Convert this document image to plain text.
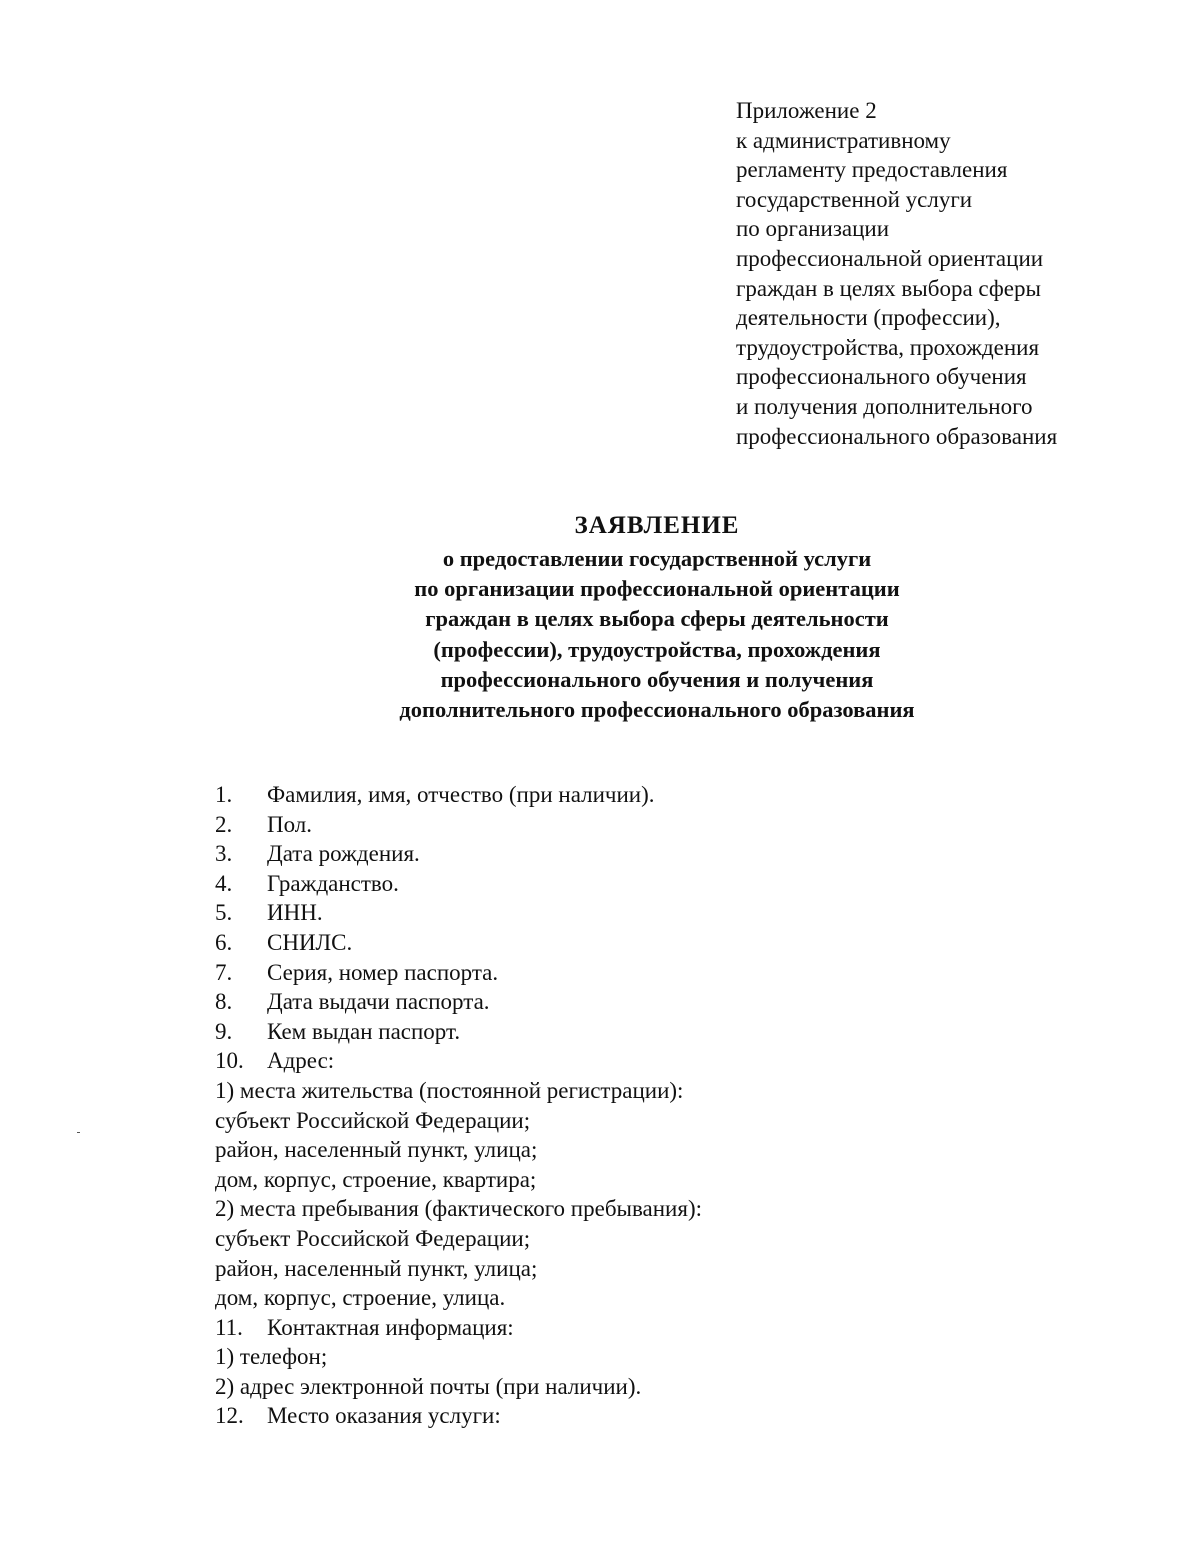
Приложение 2
к административному
регламенту предоставления
государственной услуги
по организации
профессиональной ориентации
граждан в целях выбора сферы
деятельности (профессии),
трудоустройства, прохождения
профессионального обучения
и получения дополнительного
профессионального образования
ЗАЯВЛЕНИЕ
о предоставлении государственной услуги
по организации профессиональной ориентации
граждан в целях выбора сферы деятельности
(профессии), трудоустройства, прохождения
профессионального обучения и получения
дополнительного профессионального образования
1. Фамилия, имя, отчество (при наличии).
2. Пол.
3. Дата рождения.
4. Гражданство.
5. ИНН.
6. СНИЛС.
7. Серия, номер паспорта.
8. Дата выдачи паспорта.
9. Кем выдан паспорт.
10. Адрес:
1) места жительства (постоянной регистрации):
субъект Российской Федерации;
район, населенный пункт, улица;
дом, корпус, строение, квартира;
2) места пребывания (фактического пребывания):
субъект Российской Федерации;
район, населенный пункт, улица;
дом, корпус, строение, улица.
11. Контактная информация:
1) телефон;
2) адрес электронной почты (при наличии).
12. Место оказания услуги:
